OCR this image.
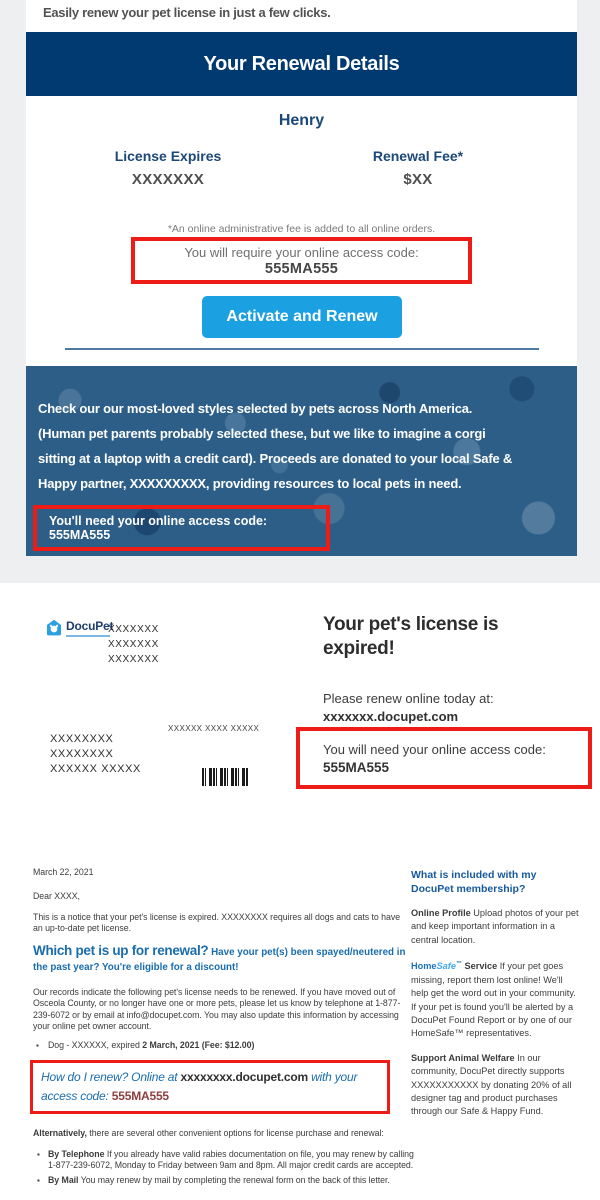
Easily renew your pet license in just a few clicks.
Your Renewal Details
Henry
License Expires
XXXXXXX
Renewal Fee*
$XX
*An online administrative fee is added to all online orders.
You will require your online access code:
555MA555
Activate and Renew

Check our our most-loved styles selected by pets across North America. (Human pet parents probably selected these, but we like to imagine a corgi sitting at a laptop with a credit card). Proceeds are donated to your local Safe & Happy partner, XXXXXXXXX, providing resources to local pets in need.

You'll need your online access code: 555MA555
DocuPet
XXXXXXX
XXXXXXX
XXXXXXX
XXXXXX XXXX XXXXX
XXXXXXXX
XXXXXXXX
XXXXXX XXXXX
Your pet's license is expired!
Please renew online today at:
xxxxxxx.docupet.com
You will need your online access code:
555MA555
March 22, 2021
Dear XXXX,

This is a notice that your pet's license is expired. XXXXXXXX requires all dogs and cats to have an up-to-date pet license.

Which pet is up for renewal? Have your pet(s) been spayed/neutered in the past year? You're eligible for a discount!

Our records indicate the following pet's license needs to be renewed. If you have moved out of Osceola County, or no longer have one or more pets, please let us know by telephone at 1-877-239-6072 or by email at info@docupet.com. You may also update this information by accessing your online pet owner account.

▪ Dog - XXXXXX, expired 2 March, 2021 (Fee: $12.00)
How do I renew? Online at xxxxxxxx.docupet.com with your access code: 555MA555

Alternatively, there are several other convenient options for license purchase and renewal:

▪ By Telephone If you already have valid rabies documentation on file, you may renew by calling 1-877-239-6072, Monday to Friday between 9am and 8pm. All major credit cards are accepted.
▪ By Mail You may renew by mail by completing the renewal form on the back of this letter.
What is included with my DocuPet membership?

Online Profile Upload photos of your pet and keep important information in a central location.

HomeSafe™ Service If your pet goes missing, report them lost online! We'll help get the word out in your community. If your pet is found you'll be alerted by a DocuPet Found Report or by one of our HomeSafe™ representatives.

Support Animal Welfare In our community, DocuPet directly supports XXXXXXXXXXX by donating 20% of all designer tag and product purchases through our Safe & Happy Fund.
